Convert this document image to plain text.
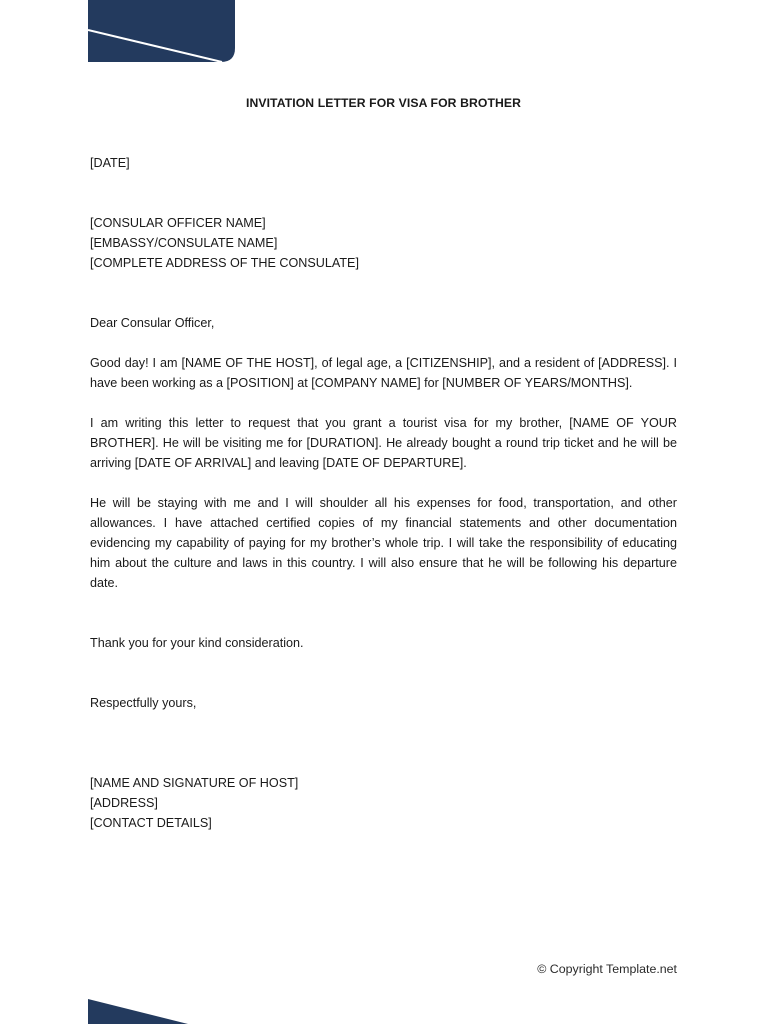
INVITATION LETTER FOR VISA FOR BROTHER

[DATE]

[CONSULAR OFFICER NAME]

[EMBASSY/CONSULATE NAME]

[COMPLETE ADDRESS OF THE CONSULATE]

Dear Consular Officer,

Good day! I am [NAME OF THE HOST], of legal age, a [CITIZENSHIP], and a resident of [ADDRESS]. I have been working as a [POSITION] at [COMPANY NAME] for [NUMBER OF YEARS/MONTHS].

I am writing this letter to request that you grant a tourist visa for my brother, [NAME OF YOUR BROTHER]. He will be visiting me for [DURATION]. He already bought a round trip ticket and he will be arriving [DATE OF ARRIVAL] and leaving [DATE OF DEPARTURE].

He will be staying with me and I will shoulder all his expenses for food, transportation, and other allowances. I have attached certified copies of my financial statements and other documentation evidencing my capability of paying for my brother’s whole trip. I will take the responsibility of educating him about the culture and laws in this country. I will also ensure that he will be following his departure date.

Thank you for your kind consideration.

Respectfully yours,

[NAME AND SIGNATURE OF HOST]

[ADDRESS]

[CONTACT DETAILS]

© Copyright Template.net
